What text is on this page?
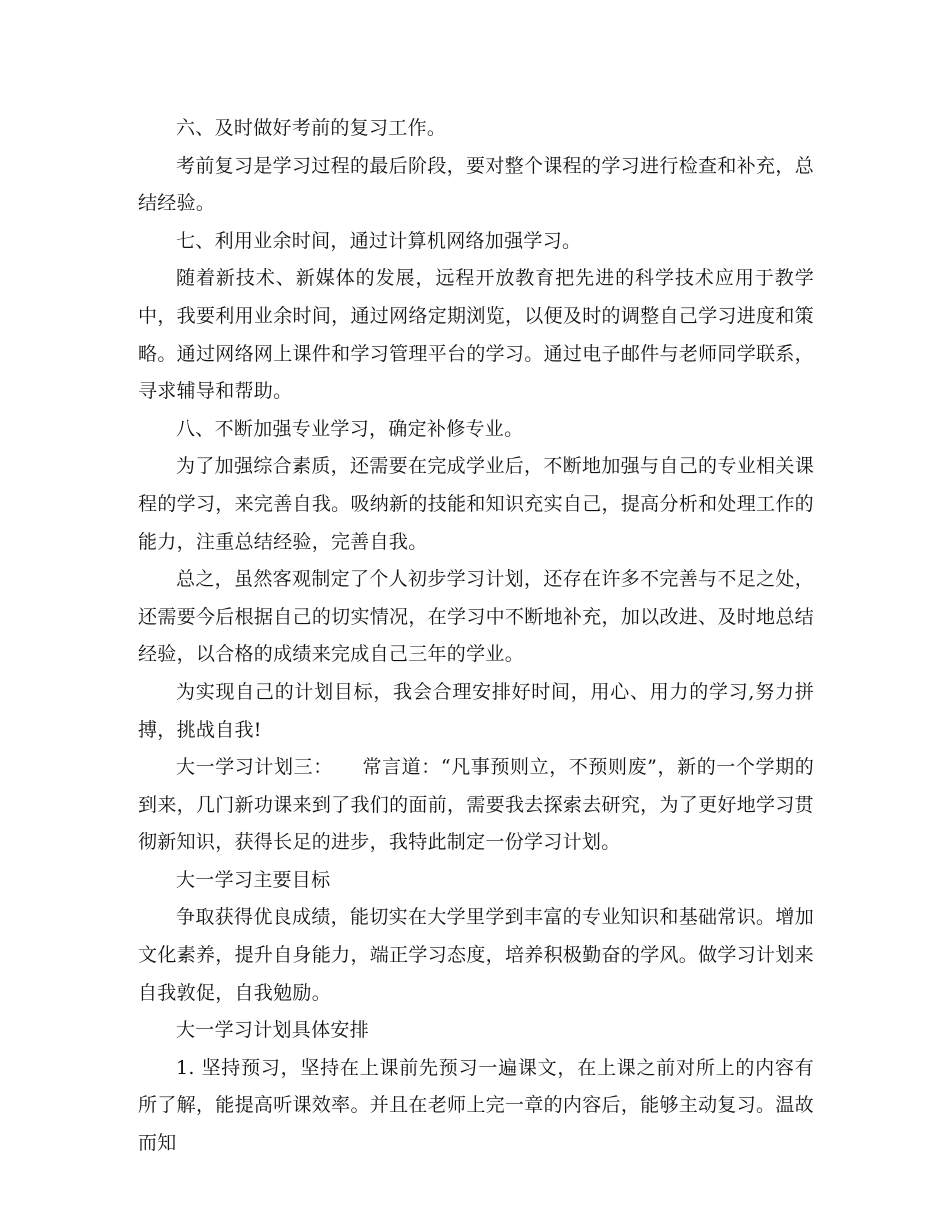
六、及时做好考前的复习工作。

考前复习是学习过程的最后阶段，要对整个课程的学习进行检查和补充，总结经验。

七、利用业余时间，通过计算机网络加强学习。

随着新技术、新媒体的发展，远程开放教育把先进的科学技术应用于教学中，我要利用业余时间，通过网络定期浏览，以便及时的调整自己学习进度和策略。通过网络网上课件和学习管理平台的学习。通过电子邮件与老师同学联系，寻求辅导和帮助。

八、不断加强专业学习，确定补修专业。

为了加强综合素质，还需要在完成学业后，不断地加强与自己的专业相关课程的学习，来完善自我。吸纳新的技能和知识充实自己，提高分析和处理工作的能力，注重总结经验，完善自我。

总之，虽然客观制定了个人初步学习计划，还存在许多不完善与不足之处，还需要今后根据自己的切实情况，在学习中不断地补充，加以改进、及时地总结经验，以合格的成绩来完成自己三年的学业。

为实现自己的计划目标，我会合理安排好时间，用心、用力的学习,努力拼搏，挑战自我!

大一学习计划三：　　常言道：“凡事预则立，不预则废”，新的一个学期的到来，几门新功课来到了我们的面前，需要我去探索去研究，为了更好地学习贯彻新知识，获得长足的进步，我特此制定一份学习计划。

大一学习主要目标

争取获得优良成绩，能切实在大学里学到丰富的专业知识和基础常识。增加文化素养，提升自身能力，端正学习态度，培养积极勤奋的学风。做学习计划来自我敦促，自我勉励。

大一学习计划具体安排

1. 坚持预习，坚持在上课前先预习一遍课文，在上课之前对所上的内容有所了解，能提高听课效率。并且在老师上完一章的内容后，能够主动复习。温故而知
